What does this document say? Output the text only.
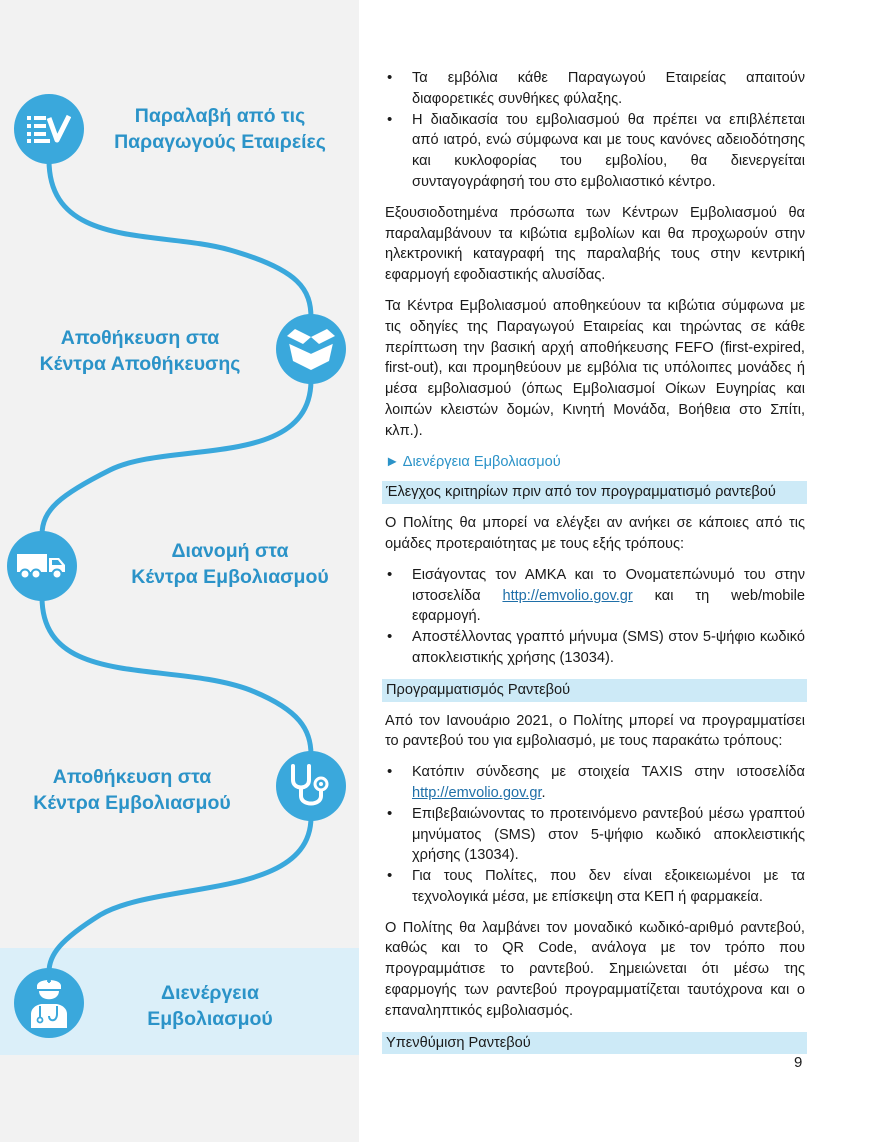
Παραλαβή από τις
Παραγωγούς Εταιρείες
Αποθήκευση στα
Κέντρα Αποθήκευσης
Διανομή στα
Κέντρα Εμβολιασμού
Αποθήκευση στα
Κέντρα Εμβολιασμού
Διενέργεια
Εμβολιασμού
• Τα εμβόλια κάθε Παραγωγού Εταιρείας απαιτούν διαφορετικές συνθήκες φύλαξης.
• Η διαδικασία του εμβολιασμού θα πρέπει να επιβλέπεται από ιατρό, ενώ σύμφωνα και με τους κανόνες αδειοδότησης και κυκλοφορίας του εμβολίου, θα διενεργείται συνταγογράφησή του στο εμβολιαστικό κέντρο.

Εξουσιοδοτημένα πρόσωπα των Κέντρων Εμβολιασμού θα παραλαμβάνουν τα κιβώτια εμβολίων και θα προχωρούν στην ηλεκτρονική καταγραφή της παραλαβής τους στην κεντρική εφαρμογή εφοδιαστικής αλυσίδας.

Τα Κέντρα Εμβολιασμού αποθηκεύουν τα κιβώτια σύμφωνα με τις οδηγίες της Παραγωγού Εταιρείας και τηρώντας σε κάθε περίπτωση την βασική αρχή αποθήκευσης FEFO (first-expired, first-out), και προμηθεύουν με εμβόλια τις υπόλοιπες μονάδες ή μέσα εμβολιασμού (όπως Εμβολιασμοί Οίκων Ευγηρίας και λοιπών κλειστών δομών, Κινητή Μονάδα, Βοήθεια στο Σπίτι, κλπ.).

► Διενέργεια Εμβολιασμού
Έλεγχος κριτηρίων πριν από τον προγραμματισμό ραντεβού

Ο Πολίτης θα μπορεί να ελέγξει αν ανήκει σε κάποιες από τις ομάδες προτεραιότητας με τους εξής τρόπους:

• Εισάγοντας τον ΑΜΚΑ και το Ονοματεπώνυμό του στην ιστοσελίδα http://emvolio.gov.gr και τη web/mobile εφαρμογή.
• Αποστέλλοντας γραπτό μήνυμα (SMS) στον 5-ψήφιο κωδικό αποκλειστικής χρήσης (13034).
Προγραμματισμός Ραντεβού

Από τον Ιανουάριο 2021, ο Πολίτης μπορεί να προγραμματίσει το ραντεβού του για εμβολιασμό, με τους παρακάτω τρόπους:

• Κατόπιν σύνδεσης με στοιχεία TAXIS στην ιστοσελίδα http://emvolio.gov.gr.
• Επιβεβαιώνοντας το προτεινόμενο ραντεβού μέσω γραπτού μηνύματος (SMS) στον 5-ψήφιο κωδικό αποκλειστικής χρήσης (13034).
• Για τους Πολίτες, που δεν είναι εξοικειωμένοι με τα τεχνολογικά μέσα, με επίσκεψη στα ΚΕΠ ή φαρμακεία.

Ο Πολίτης θα λαμβάνει τον μοναδικό κωδικό-αριθμό ραντεβού, καθώς και το QR Code, ανάλογα με τον τρόπο που προγραμμάτισε το ραντεβού. Σημειώνεται ότι μέσω της εφαρμογής των ραντεβού προγραμματίζεται ταυτόχρονα και ο επαναληπτικός εμβολιασμός.

Υπενθύμιση Ραντεβού
9
